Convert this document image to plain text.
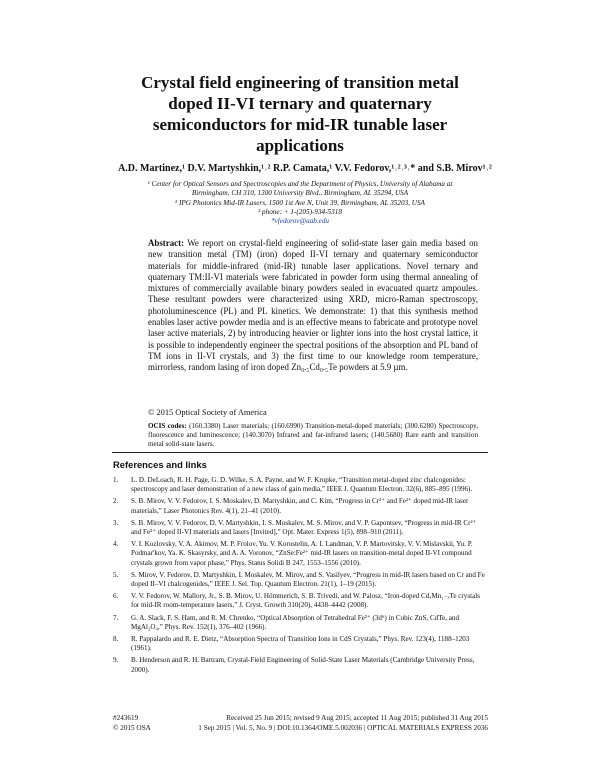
Crystal field engineering of transition metal doped II-VI ternary and quaternary semiconductors for mid-IR tunable laser applications
A.D. Martinez,¹ D.V. Martyshkin,¹˒² R.P. Camata,¹ V.V. Fedorov,¹˒²˒³˒* and S.B. Mirov¹˒²
¹ Center for Optical Sensors and Spectroscopies and the Department of Physics, University of Alabama at
Birmingham, CH 310, 1300 University Blvd., Birmingham, AL 35294, USA
² IPG Photonics Mid-IR Lasers, 1500 1st Ave N, Unit 39, Birmingham, AL 35203, USA
³ phone: + 1-(205)-934-5318
*vfedorov@uab.edu
Abstract: We report on crystal-field engineering of solid-state laser gain media based on new transition metal (TM) (iron) doped II-VI ternary and quaternary semiconductor materials for middle-infrared (mid-IR) tunable laser applications. Novel ternary and quaternary TM:II-VI materials were fabricated in powder form using thermal annealing of mixtures of commercially available binary powders sealed in evacuated quartz ampoules. These resultant powders were characterized using XRD, micro-Raman spectroscopy, photoluminescence (PL) and PL kinetics. We demonstrate: 1) that this synthesis method enables laser active powder media and is an effective means to fabricate and prototype novel laser active materials, 2) by introducing heavier or lighter ions into the host crystal lattice, it is possible to independently engineer the spectral positions of the absorption and PL band of TM ions in II-VI crystals, and 3) the first time to our knowledge room temperature, mirrorless, random lasing of iron doped Zn₀.₅Cd₀.₅Te powders at 5.9 µm.
© 2015 Optical Society of America
OCIS codes: (160.3380) Laser materials; (160.6990) Transition-metal-doped materials; (300.6280) Spectroscopy, fluorescence and luminescence; (140.3070) Infrared and far-infrared lasers; (140.5680) Rare earth and transition metal solid-state lasers.
References and links
1.	L. D. DeLoach, R. H. Page, G. D. Wilke, S. A. Payne, and W. F. Krupke, “Transition metal-doped zinc chalcogenides: spectroscopy and laser demonstration of a new class of gain media,” IEEE J. Quantum Electron. 32(6), 885–895 (1996).
2.	S. B. Mirov, V. V. Fedorov, I. S. Moskalev, D. Martyshkin, and C. Kim, “Progress in Cr²⁺ and Fe²⁺ doped mid-IR laser materials,” Laser Photonics Rev. 4(1), 21–41 (2010).
3.	S. B. Mirov, V. V. Fedorov, D. V. Martyshkin, I. S. Moskalev, M. S. Mirov, and V. P. Gapontsev, “Progress in mid-IR Cr²⁺ and Fe²⁺ doped II-VI materials and lasers [Invited],” Opt. Mater. Express 1(5), 898–910 (2011).
4.	V. I. Kozlovsky, V. A. Akimov, M. P. Frolov, Yu. V. Korostelin, A. I. Landman, V. P. Martovitsky, V. V. Mislavskii, Yu. P. Podmar'kov, Ya. K. Skasyrsky, and A. A. Voronov, “ZnSe:Fe²⁺ mid-IR lasers on transition-metal doped II-VI compound crystals grown from vapor phase,” Phys. Status Solidi B 247, 1553–1556 (2010).
5.	S. Mirov, V. Fedorov, D. Martyshkin, I. Moskalev, M. Mirov, and S. Vasilyev, “Progress in mid-IR lasers based on Cr and Fe doped II–VI chalcogenides,” IEEE J. Sel. Top. Quantum Electron. 21(1), 1–19 (2015).
6.	V. V. Fedorov, W. Mallory, Jr., S. B. Mirov, U. Hömmerich, S. B. Trivedi, and W. Palosz, “Iron-doped CdₓMn₁₋ₓTe crystals for mid-IR room-temperature lasers,” J. Cryst. Growth 310(20), 4438–4442 (2008).
7.	G. A. Slack, F. S. Ham, and R. M. Chrenko, “Optical Absorption of Tetrahedral Fe²⁺ (3d⁶) in Cubic ZnS, CdTe, and MgAl₂O₄,” Phys. Rev. 152(1), 376–402 (1966).
8.	R. Pappalardo and R. E. Dietz, “Absorption Spectra of Transition Ions in CdS Crystals,” Phys. Rev. 123(4), 1188–1203 (1961).
9.	B. Henderson and R. H. Bartram, Crystal-Field Engineering of Solid-State Laser Materials (Cambridge University Press, 2000).
#243619	Received 25 Jun 2015; revised 9 Aug 2015; accepted 11 Aug 2015; published 31 Aug 2015
© 2015 OSA	1 Sep 2015 | Vol. 5, No. 9 | DOI:10.1364/OME.5.002036 | OPTICAL MATERIALS EXPRESS 2036
